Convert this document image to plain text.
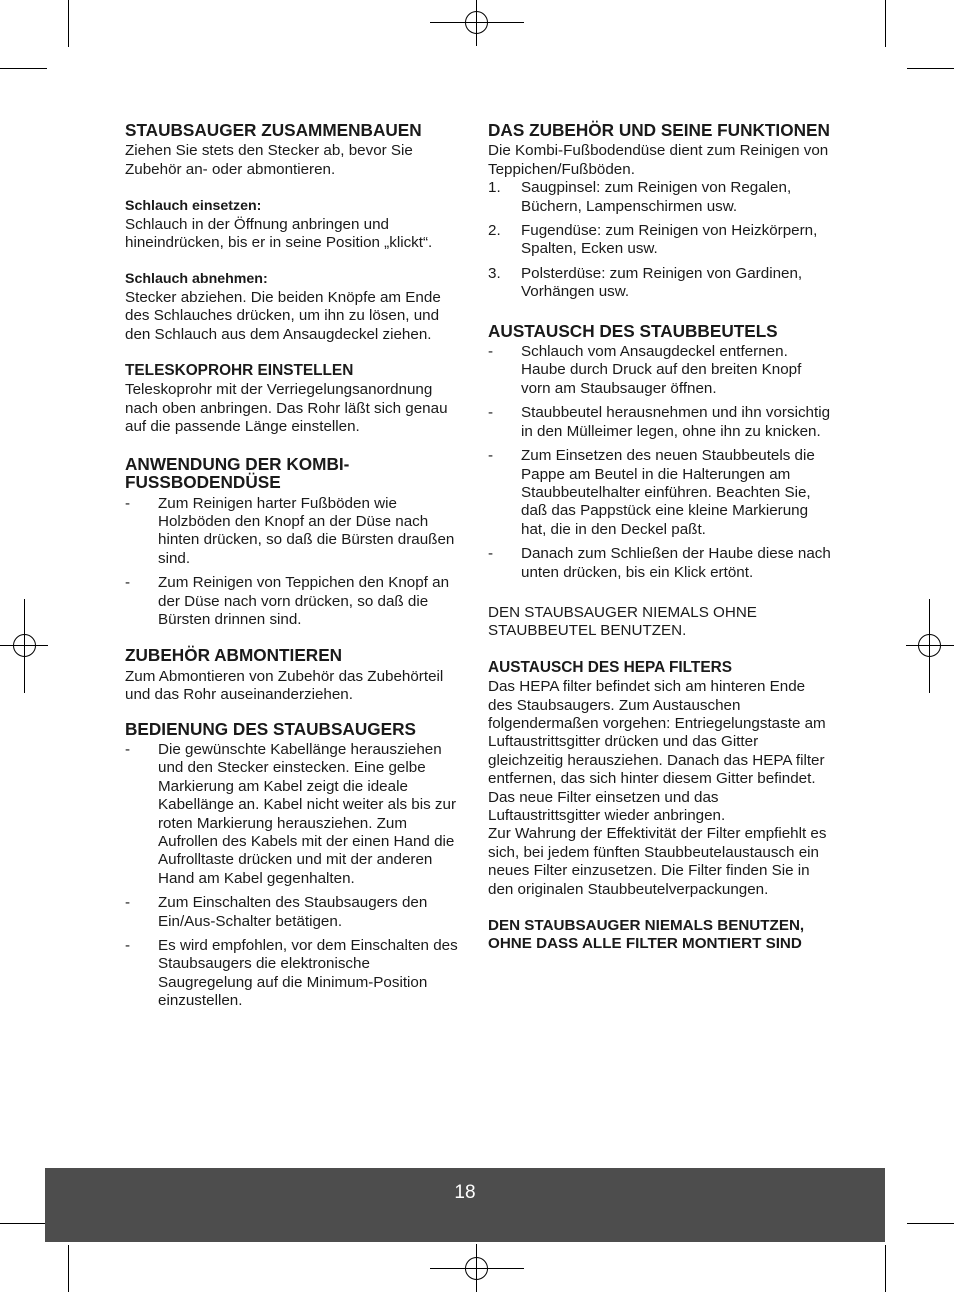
STAUBSAUGER ZUSAMMENBAUEN

Ziehen Sie stets den Stecker ab, bevor Sie Zubehör an- oder abmontieren.

Schlauch einsetzen:

Schlauch in der Öffnung anbringen und hineindrücken, bis er in seine Position „klickt“.

Schlauch abnehmen:

Stecker abziehen. Die beiden Knöpfe am Ende des Schlauches drücken, um ihn zu lösen, und den Schlauch aus dem Ansaugdeckel ziehen.

TELESKOPROHR EINSTELLEN

Teleskoprohr mit der Verriegelungsanordnung nach oben anbringen. Das Rohr läßt sich genau auf die passende Länge einstellen.

ANWENDUNG DER KOMBI-FUSSBODENDÜSE
- Zum Reinigen harter Fußböden wie Holzböden den Knopf an der Düse nach hinten drücken, so daß die Bürsten draußen sind.
- Zum Reinigen von Teppichen den Knopf an der Düse nach vorn drücken, so daß die Bürsten drinnen sind.
ZUBEHÖR ABMONTIEREN

Zum Abmontieren von Zubehör das Zubehörteil und das Rohr auseinanderziehen.

BEDIENUNG DES STAUBSAUGERS
- Die gewünschte Kabellänge herausziehen und den Stecker einstecken. Eine gelbe Markierung am Kabel zeigt die ideale Kabellänge an. Kabel nicht weiter als bis zur roten Markierung herausziehen. Zum Aufrollen des Kabels mit der einen Hand die Aufrolltaste drücken und mit der anderen Hand am Kabel gegenhalten.
- Zum Einschalten des Staubsaugers den Ein/Aus-Schalter betätigen.
- Es wird empfohlen, vor dem Einschalten des Staubsaugers die elektronische Saugregelung auf die Minimum-Position einzustellen.
DAS ZUBEHÖR UND SEINE FUNKTIONEN

Die Kombi-Fußbodendüse dient zum Reinigen von Teppichen/Fußböden.

1. Saugpinsel: zum Reinigen von Regalen, Büchern, Lampenschirmen usw.
2. Fugendüse: zum Reinigen von Heizkörpern, Spalten, Ecken usw.
3. Polsterdüse: zum Reinigen von Gardinen, Vorhängen usw.
AUSTAUSCH DES STAUBBEUTELS
- Schlauch vom Ansaugdeckel entfernen. Haube durch Druck auf den breiten Knopf vorn am Staubsauger öffnen.
- Staubbeutel herausnehmen und ihn vorsichtig in den Mülleimer legen, ohne ihn zu knicken.
- Zum Einsetzen des neuen Staubbeutels die Pappe am Beutel in die Halterungen am Staubbeutelhalter einführen. Beachten Sie, daß das Pappstück eine kleine Markierung hat, die in den Deckel paßt.
- Danach zum Schließen der Haube diese nach unten drücken, bis ein Klick ertönt.

DEN STAUBSAUGER NIEMALS OHNE STAUBBEUTEL BENUTZEN.

AUSTAUSCH DES HEPA FILTERS

Das HEPA filter befindet sich am hinteren Ende des Staubsaugers. Zum Austauschen folgendermaßen vorgehen: Entriegelungstaste am Luftaustrittsgitter drücken und das Gitter gleichzeitig herausziehen. Danach das HEPA filter entfernen, das sich hinter diesem Gitter befindet. Das neue Filter einsetzen und das Luftaustrittsgitter wieder anbringen.

Zur Wahrung der Effektivität der Filter empfiehlt es sich, bei jedem fünften Staubbeutelaustausch ein neues Filter einzusetzen. Die Filter finden Sie in den originalen Staubbeutelverpackungen.

DEN STAUBSAUGER NIEMALS BENUTZEN, OHNE DASS ALLE FILTER MONTIERT SIND

18
